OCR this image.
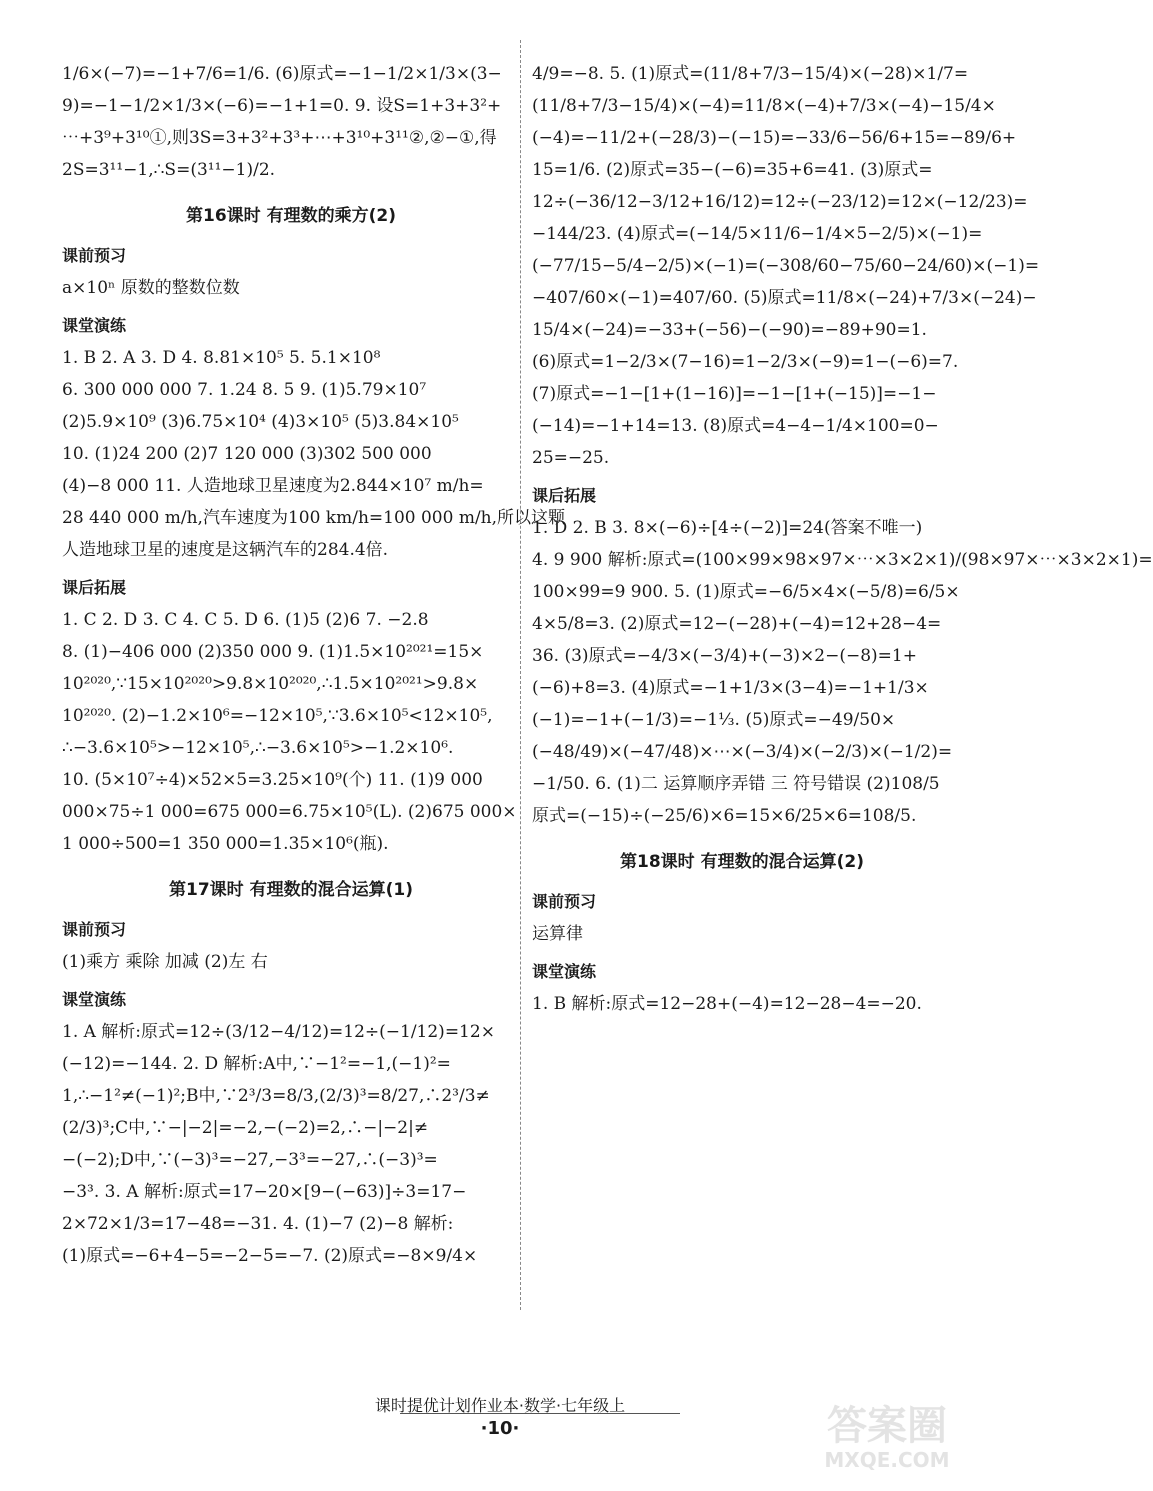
1/6×(−7)=−1+7/6=1/6. (6)原式=−1−1/2×1/3×(3−
9)=−1−1/2×1/3×(−6)=−1+1=0. 9. 设S=1+3+3²+
⋯+3⁹+3¹⁰①,则3S=3+3²+3³+⋯+3¹⁰+3¹¹②,②−①,得
2S=3¹¹−1,∴S=(3¹¹−1)/2.
第16课时 有理数的乘方(2)
课前预习
a×10ⁿ 原数的整数位数
课堂演练
1. B 2. A 3. D 4. 8.81×10⁵ 5. 5.1×10⁸
6. 300 000 000 7. 1.24 8. 5 9. (1)5.79×10⁷
(2)5.9×10⁹ (3)6.75×10⁴ (4)3×10⁵ (5)3.84×10⁵
10. (1)24 200 (2)7 120 000 (3)302 500 000
(4)−8 000 11. 人造地球卫星速度为2.844×10⁷ m/h=
28 440 000 m/h,汽车速度为100 km/h=100 000 m/h,所以这颗
人造地球卫星的速度是这辆汽车的284.4倍.
课后拓展
1. C 2. D 3. C 4. C 5. D 6. (1)5 (2)6 7. −2.8
8. (1)−406 000 (2)350 000 9. (1)1.5×10²⁰²¹=15×
10²⁰²⁰,∵15×10²⁰²⁰>9.8×10²⁰²⁰,∴1.5×10²⁰²¹>9.8×
10²⁰²⁰. (2)−1.2×10⁶=−12×10⁵,∵3.6×10⁵<12×10⁵,
∴−3.6×10⁵>−12×10⁵,∴−3.6×10⁵>−1.2×10⁶.
10. (5×10⁷÷4)×52×5=3.25×10⁹(个) 11. (1)9 000
000×75÷1 000=675 000=6.75×10⁵(L). (2)675 000×
1 000÷500=1 350 000=1.35×10⁶(瓶).
第17课时 有理数的混合运算(1)
课前预习
(1)乘方 乘除 加减 (2)左 右
课堂演练
1. A 解析:原式=12÷(3/12−4/12)=12÷(−1/12)=12×
(−12)=−144. 2. D 解析:A中,∵−1²=−1,(−1)²=
1,∴−1²≠(−1)²;B中,∵2³/3=8/3,(2/3)³=8/27,∴2³/3≠
(2/3)³;C中,∵−|−2|=−2,−(−2)=2,∴−|−2|≠
−(−2);D中,∵(−3)³=−27,−3³=−27,∴(−3)³=
−3³. 3. A 解析:原式=17−20×[9−(−63)]÷3=17−
2×72×1/3=17−48=−31. 4. (1)−7 (2)−8 解析:
(1)原式=−6+4−5=−2−5=−7. (2)原式=−8×9/4×
4/9=−8. 5. (1)原式=(11/8+7/3−15/4)×(−28)×1/7=
(11/8+7/3−15/4)×(−4)=11/8×(−4)+7/3×(−4)−15/4×
(−4)=−11/2+(−28/3)−(−15)=−33/6−56/6+15=−89/6+
15=1/6. (2)原式=35−(−6)=35+6=41. (3)原式=
12÷(−36/12−3/12+16/12)=12÷(−23/12)=12×(−12/23)=
−144/23. (4)原式=(−14/5×11/6−1/4×5−2/5)×(−1)=
(−77/15−5/4−2/5)×(−1)=(−308/60−75/60−24/60)×(−1)=
−407/60×(−1)=407/60. (5)原式=11/8×(−24)+7/3×(−24)−
15/4×(−24)=−33+(−56)−(−90)=−89+90=1.
(6)原式=1−2/3×(7−16)=1−2/3×(−9)=1−(−6)=7.
(7)原式=−1−[1+(1−16)]=−1−[1+(−15)]=−1−
(−14)=−1+14=13. (8)原式=4−4−1/4×100=0−
25=−25.
课后拓展
1. D 2. B 3. 8×(−6)÷[4÷(−2)]=24(答案不唯一)
4. 9 900 解析:原式=(100×99×98×97×⋯×3×2×1)/(98×97×⋯×3×2×1)=
100×99=9 900. 5. (1)原式=−6/5×4×(−5/8)=6/5×
4×5/8=3. (2)原式=12−(−28)+(−4)=12+28−4=
36. (3)原式=−4/3×(−3/4)+(−3)×2−(−8)=1+
(−6)+8=3. (4)原式=−1+1/3×(3−4)=−1+1/3×
(−1)=−1+(−1/3)=−1⅓. (5)原式=−49/50×
(−48/49)×(−47/48)×⋯×(−3/4)×(−2/3)×(−1/2)=
−1/50. 6. (1)二 运算顺序弄错 三 符号错误 (2)108/5
原式=(−15)÷(−25/6)×6=15×6/25×6=108/5.
第18课时 有理数的混合运算(2)
课前预习
运算律
课堂演练
1. B 解析:原式=12−28+(−4)=12−28−4=−20.
课时提优计划作业本·数学·七年级上
·10·	答案圈
MXQE.COM
